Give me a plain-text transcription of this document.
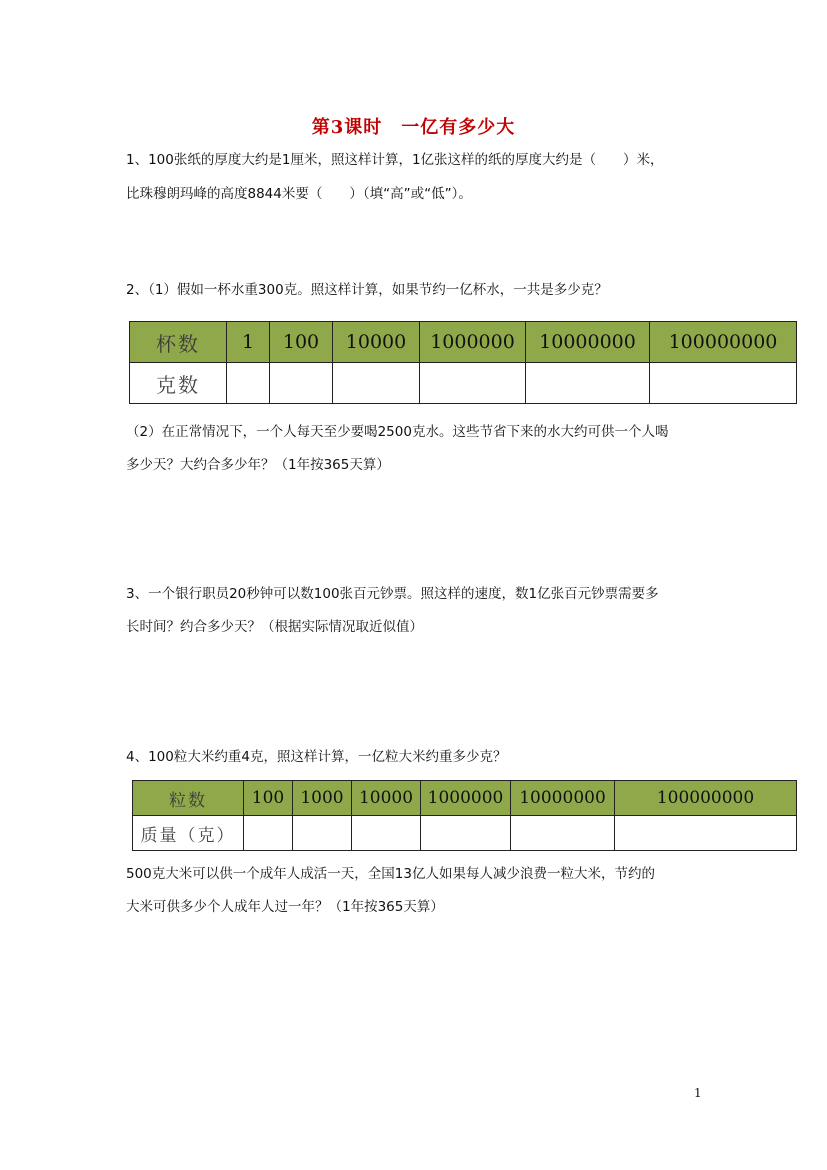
第3课时　一亿有多少大
1、100张纸的厚度大约是1厘米，照这样计算，1亿张这样的纸的厚度大约是（　　）米，
比珠穆朗玛峰的高度8844米要（　　）（填“高”或“低”）。
2、（1）假如一杯水重300克。照这样计算，如果节约一亿杯水，一共是多少克？
杯数	1	100	10000	1000000	10000000	100000000
克数						
（2）在正常情况下，一个人每天至少要喝2500克水。这些节省下来的水大约可供一个人喝
多少天？大约合多少年？（1年按365天算）
3、一个银行职员20秒钟可以数100张百元钞票。照这样的速度，数1亿张百元钞票需要多
长时间？约合多少天？（根据实际情况取近似值）
4、100粒大米约重4克，照这样计算，一亿粒大米约重多少克？
粒数	100	1000	10000	1000000	10000000	100000000
质量（克）						
500克大米可以供一个成年人成活一天，全国13亿人如果每人减少浪费一粒大米，节约的
大米可供多少个人成年人过一年？（1年按365天算）
1
